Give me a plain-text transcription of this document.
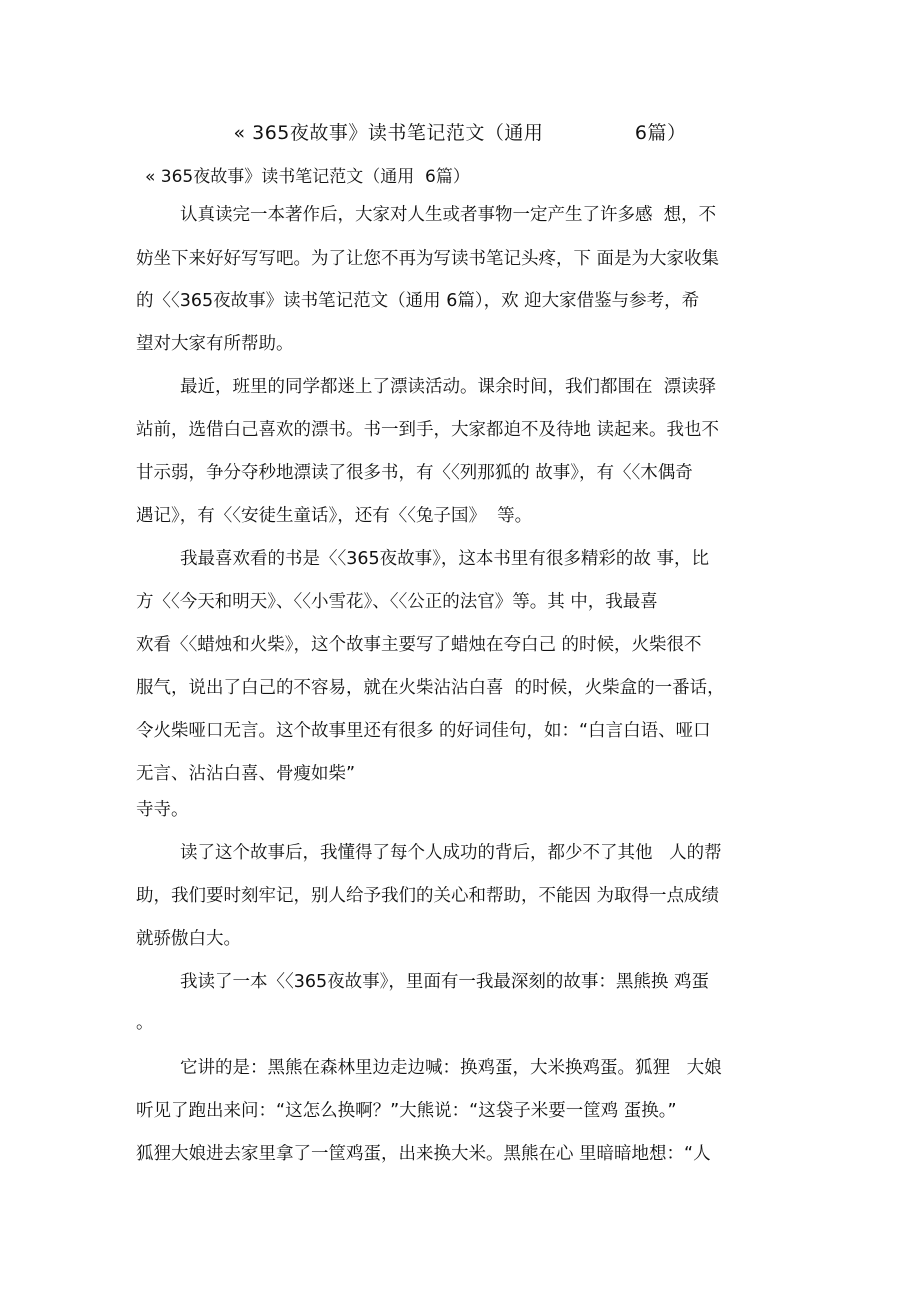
« 365夜故事》读书笔记范文（通用              6篇）
« 365夜故事》读书笔记范文（通用  6篇）
认真读完一本著作后，大家对人生或者事物一定产生了许多感  想，不
妨坐下来好好写写吧。为了让您不再为写读书笔记头疼，下 面是为大家收集
的〈〈365夜故事》读书笔记范文（通用 6篇），欢 迎大家借鉴与参考，希
望对大家有所帮助。
最近，班里的同学都迷上了漂读活动。课余时间，我们都围在  漂读驿
站前，选借白己喜欢的漂书。书一到手，大家都迫不及待地 读起来。我也不
甘示弱，争分夺秒地漂读了很多书，有〈〈列那狐的 故事》，有〈〈木偶奇
遇记》，有〈〈安徒生童话》，还有〈〈兔子国》  等。
我最喜欢看的书是〈〈365夜故事》，这本书里有很多精彩的故 事，比
方〈〈今天和明天》、〈〈小雪花》、〈〈公正的法官》等。其 中，我最喜
欢看〈〈蜡烛和火柴》，这个故事主要写了蜡烛在夸白己 的时候，火柴很不
服气，说出了白己的不容易，就在火柴沾沾白喜  的时候，火柴盒的一番话，
令火柴哑口无言。这个故事里还有很多 的好词佳句，如：“白言白语、哑口
无言、沾沾白喜、骨瘦如柴”
寺寺。
读了这个故事后，我懂得了每个人成功的背后，都少不了其他   人的帮
助，我们要时刻牢记，别人给予我们的关心和帮助，不能因 为取得一点成绩
就骄傲白大。
我读了一本〈〈365夜故事》，里面有一我最深刻的故事：黑熊换 鸡蛋
。
它讲的是：黑熊在森林里边走边喊：换鸡蛋，大米换鸡蛋。狐狸   大娘
听见了跑出来问：“这怎么换啊？”大熊说：“这袋子米要一筐鸡 蛋换。”
狐狸大娘进去家里拿了一筐鸡蛋，出来换大米。黑熊在心 里暗暗地想：“人
